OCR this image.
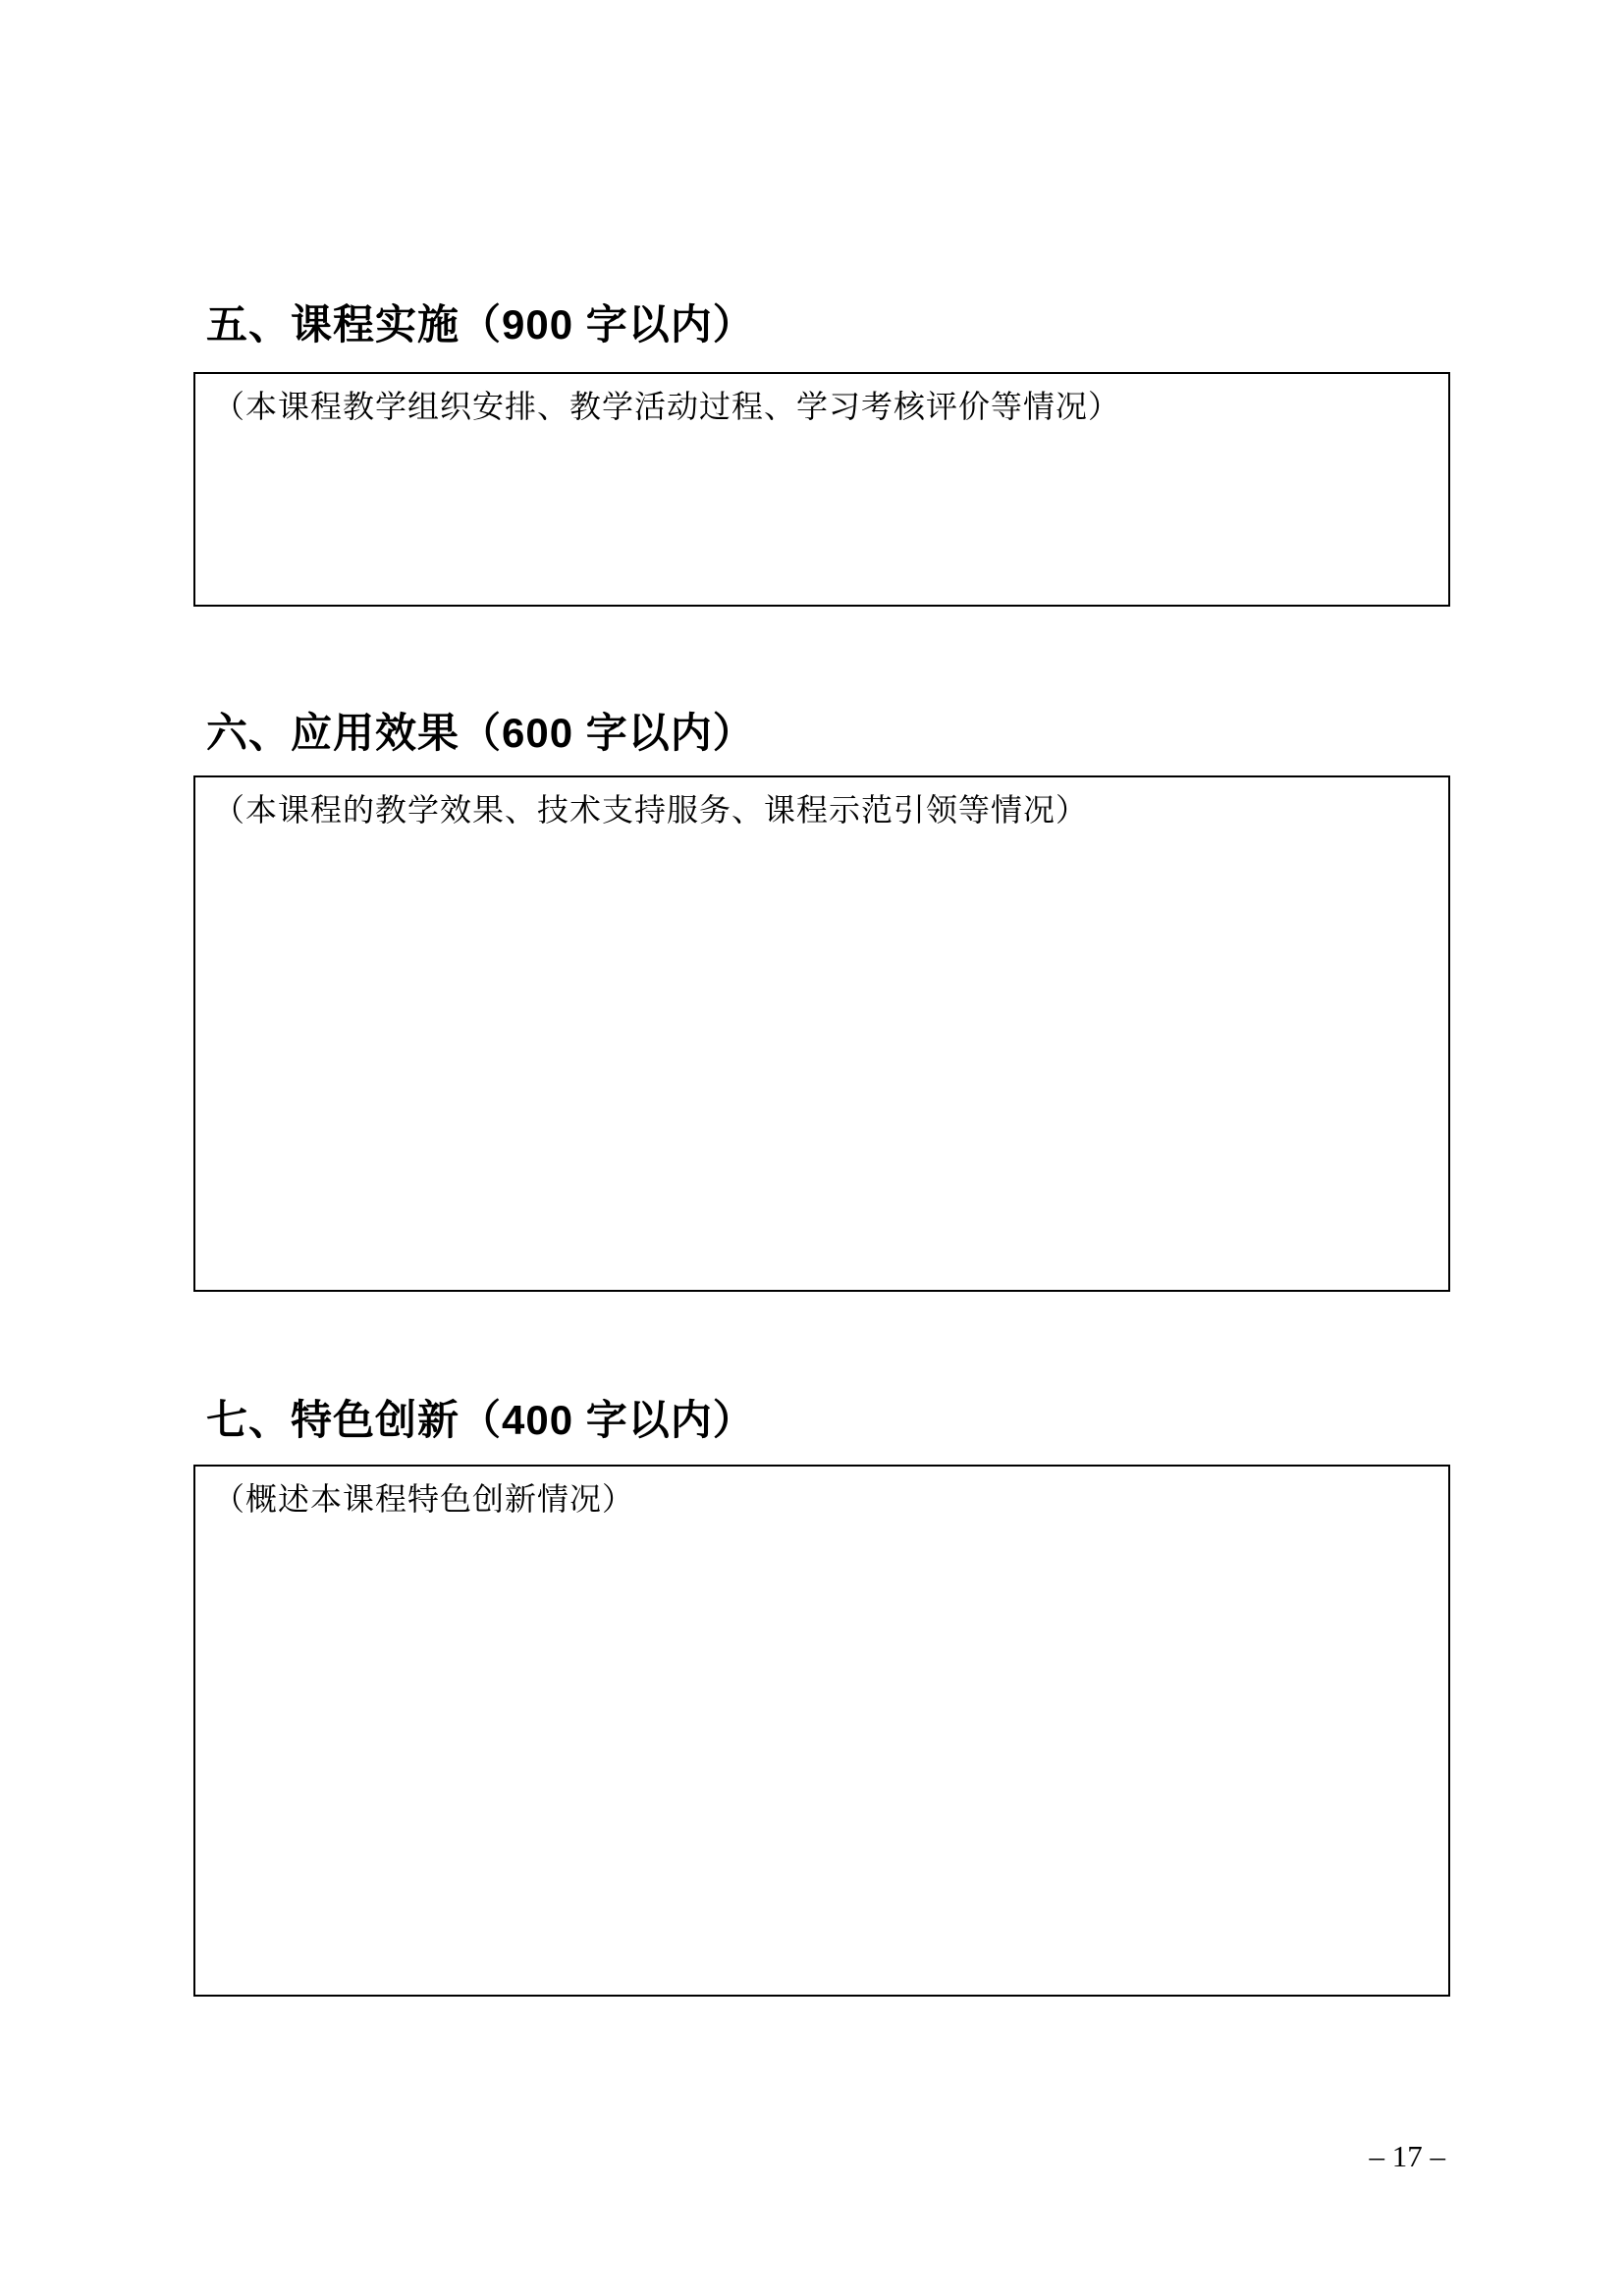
五、课程实施（900 字以内）
（本课程教学组织安排、教学活动过程、学习考核评价等情况）
六、应用效果（600 字以内）
（本课程的教学效果、技术支持服务、课程示范引领等情况）
七、特色创新（400 字以内）
（概述本课程特色创新情况）
– 17 –
